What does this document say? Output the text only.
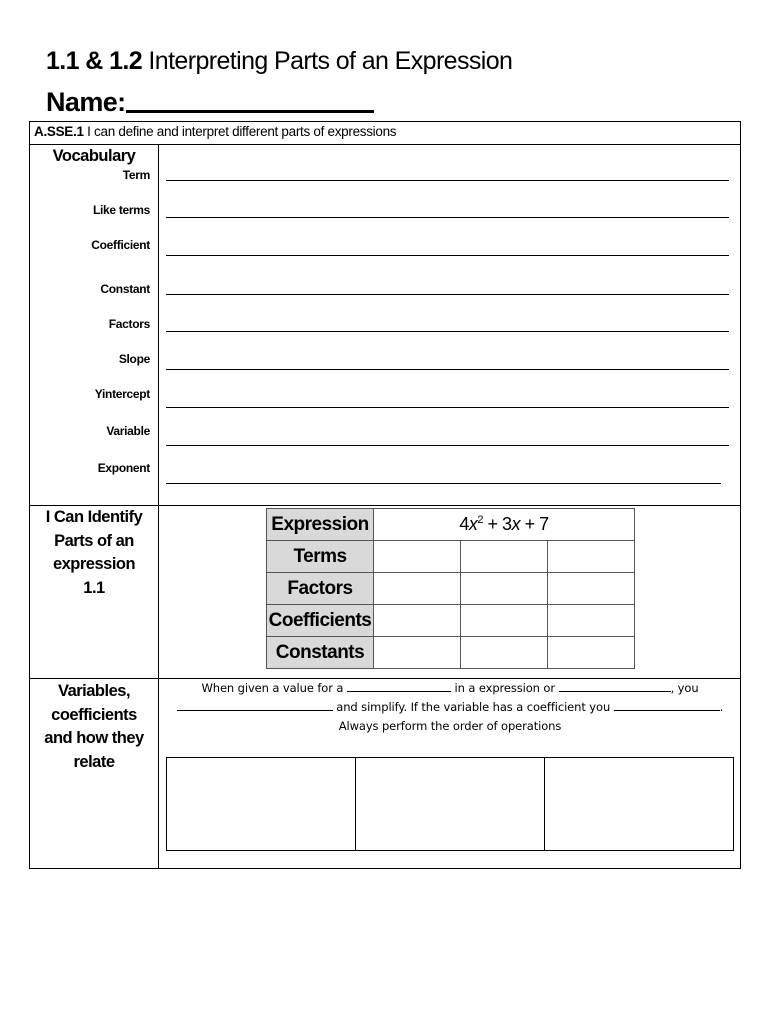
1.1 & 1.2 Interpreting Parts of an Expression
Name:
A.SSE.1 I can define and interpret different parts of expressions
Vocabulary
Term
Like terms
Coefficient
Constant
Factors
Slope
Yintercept
Variable
Exponent
I Can Identify
Parts of an
expression
1.1
Expression	$4x^2 + 3x + 7$		
Terms			
Factors			
Coefficients			
Constants			
Variables,
coefficients
and how they
relate
When given a value for a	in a expression or	, you
and simplify. If the variable has a coefficient you	.
Always perform the order of operations
